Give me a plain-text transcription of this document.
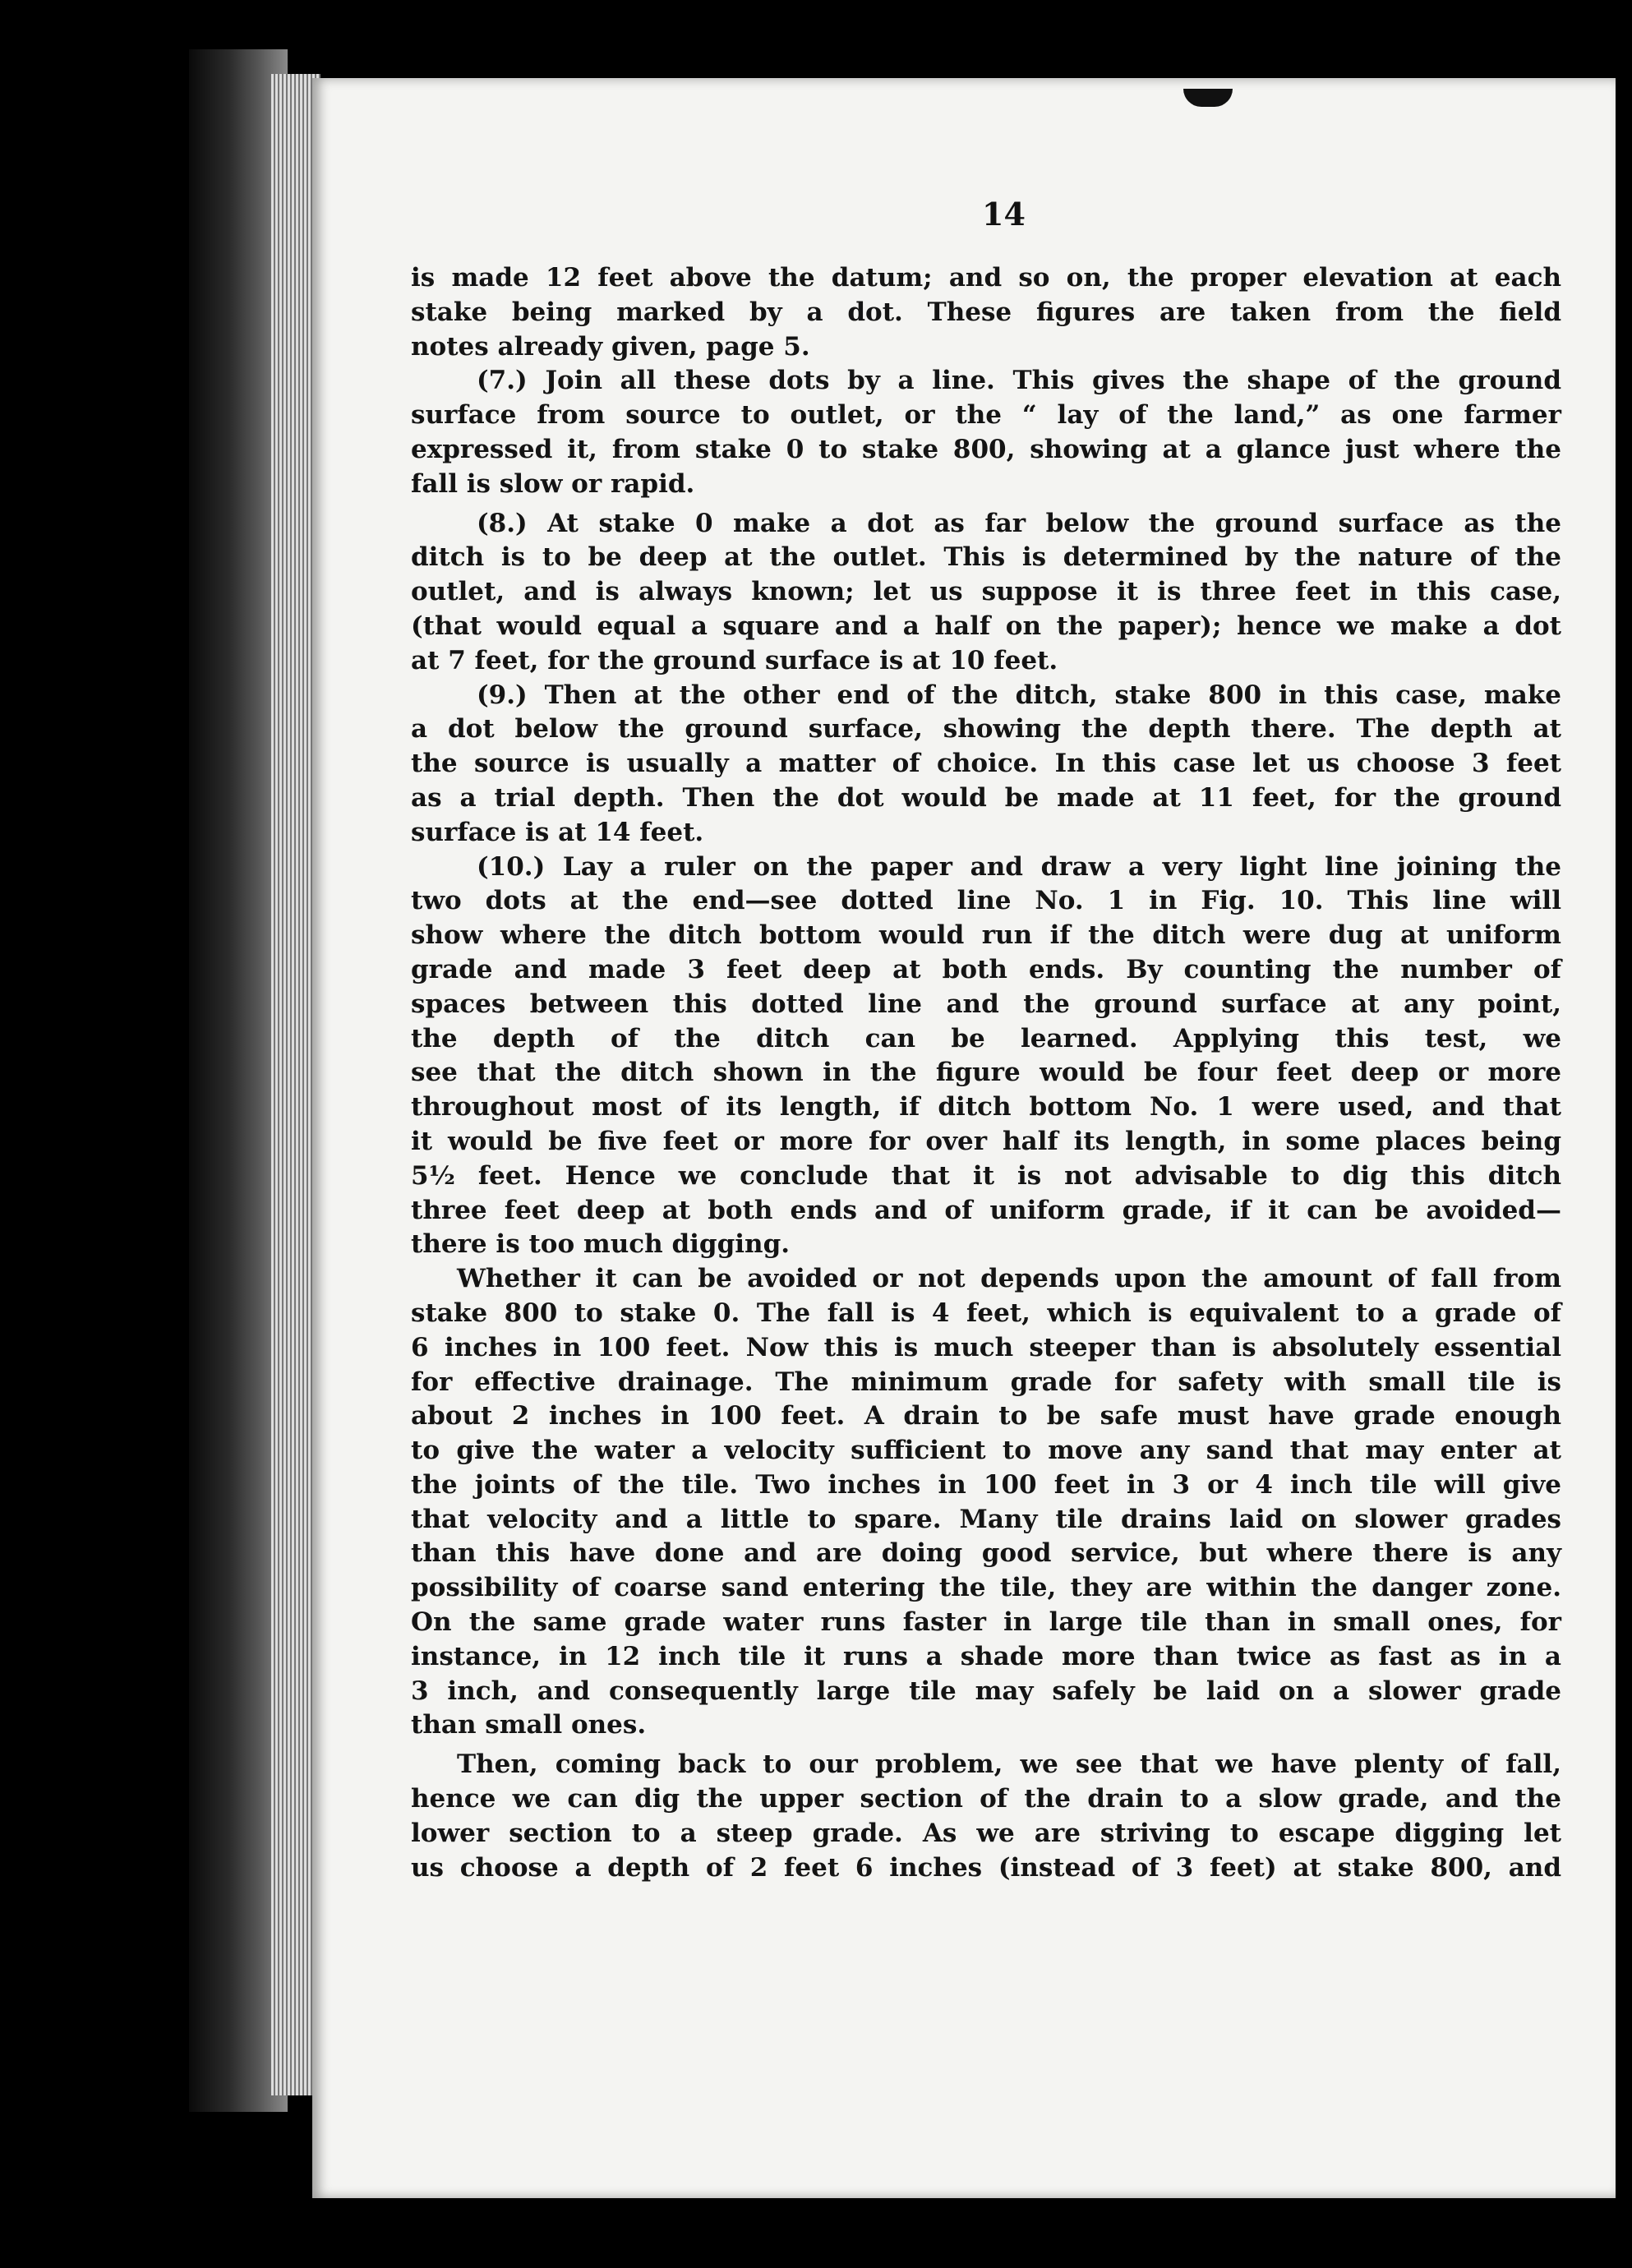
14
is made 12 feet above the datum; and so on, the proper elevation at each
stake being marked by a dot. These figures are taken from the field
notes already given, page 5.
(7.) Join all these dots by a line. This gives the shape of the ground
surface from source to outlet, or the “ lay of the land,” as one farmer
expressed it, from stake 0 to stake 800, showing at a glance just where the
fall is slow or rapid.
(8.) At stake 0 make a dot as far below the ground surface as the
ditch is to be deep at the outlet. This is determined by the nature of the
outlet, and is always known; let us suppose it is three feet in this case,
(that would equal a square and a half on the paper); hence we make a dot
at 7 feet, for the ground surface is at 10 feet.
(9.) Then at the other end of the ditch, stake 800 in this case, make
a dot below the ground surface, showing the depth there. The depth at
the source is usually a matter of choice. In this case let us choose 3 feet
as a trial depth. Then the dot would be made at 11 feet, for the ground
surface is at 14 feet.
(10.) Lay a ruler on the paper and draw a very light line joining the
two dots at the end—see dotted line No. 1 in Fig. 10. This line will
show where the ditch bottom would run if the ditch were dug at uniform
grade and made 3 feet deep at both ends. By counting the number of
spaces between this dotted line and the ground surface at any point,
the depth of the ditch can be learned. Applying this test, we
see that the ditch shown in the figure would be four feet deep or more
throughout most of its length, if ditch bottom No. 1 were used, and that
it would be five feet or more for over half its length, in some places being
5½ feet. Hence we conclude that it is not advisable to dig this ditch
three feet deep at both ends and of uniform grade, if it can be avoided—
there is too much digging.
Whether it can be avoided or not depends upon the amount of fall from
stake 800 to stake 0. The fall is 4 feet, which is equivalent to a grade of
6 inches in 100 feet. Now this is much steeper than is absolutely essential
for effective drainage. The minimum grade for safety with small tile is
about 2 inches in 100 feet. A drain to be safe must have grade enough
to give the water a velocity sufficient to move any sand that may enter at
the joints of the tile. Two inches in 100 feet in 3 or 4 inch tile will give
that velocity and a little to spare. Many tile drains laid on slower grades
than this have done and are doing good service, but where there is any
possibility of coarse sand entering the tile, they are within the danger zone.
On the same grade water runs faster in large tile than in small ones, for
instance, in 12 inch tile it runs a shade more than twice as fast as in a
3 inch, and consequently large tile may safely be laid on a slower grade
than small ones.
Then, coming back to our problem, we see that we have plenty of fall,
hence we can dig the upper section of the drain to a slow grade, and the
lower section to a steep grade. As we are striving to escape digging let
us choose a depth of 2 feet 6 inches (instead of 3 feet) at stake 800, and
